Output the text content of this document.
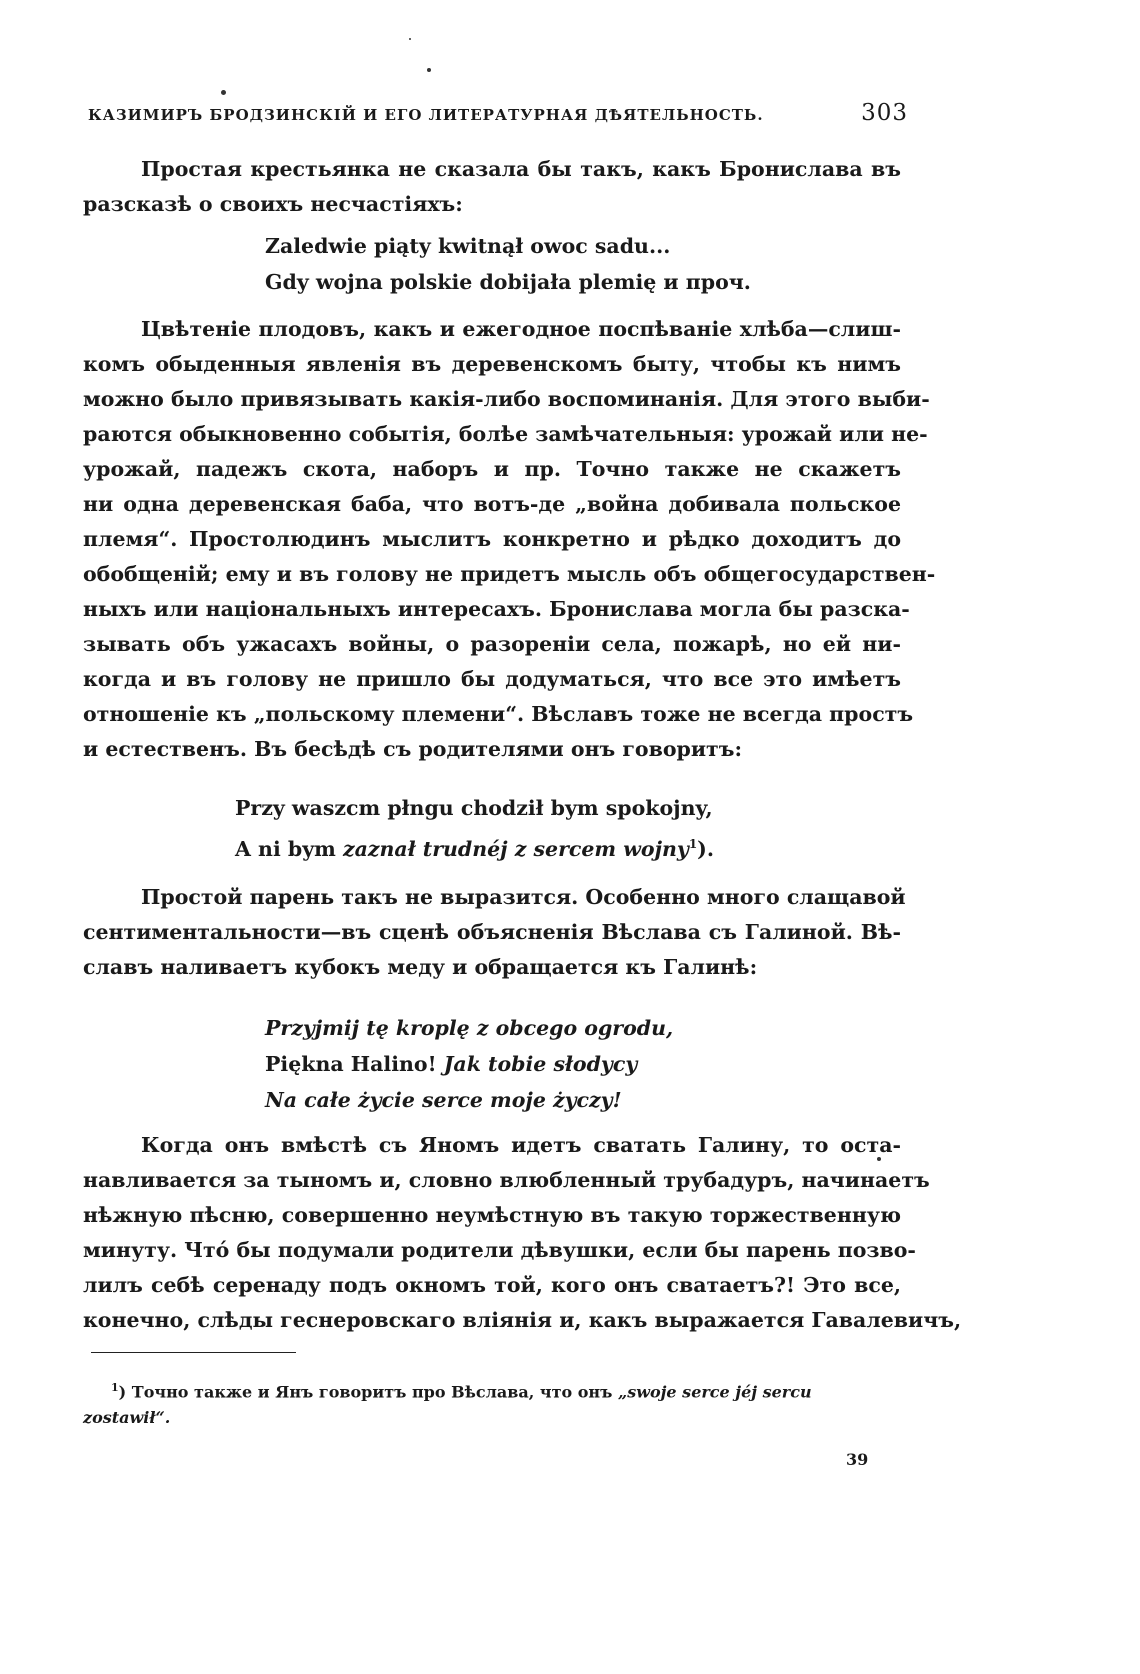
КАЗИМИРЪ БРОДЗИНСКІЙ И ЕГО ЛИТЕРАТУРНАЯ ДѢЯТЕЛЬНОСТЬ.	303
Простая крестьянка не сказала бы такъ, какъ Брониславa въ
разсказѣ о своихъ несчастіяхъ:
Zaledwie piąty kwitnął owoc sadu...
Gdy wojna polskie dobijała plemię и проч.
Цвѣтеніе плодовъ, какъ и ежегодное поспѣваніе хлѣба—слиш-
комъ обыденныя явленія въ деревенскомъ быту, чтобы къ нимъ
можно было привязывать какія-либо воспоминанія. Для этого выби-
раются обыкновенно событія, болѣе замѣчательныя: урожай или не-
урожай, падежъ скота, наборъ и пр. Точно также не скажетъ
ни одна деревенская баба, что вотъ-де „война добивала польское
племя“. Простолюдинъ мыслитъ конкретно и рѣдко доходитъ до
обобщеній; ему и въ голову не придетъ мысль объ общегосударствен-
ныхъ или національныхъ интересахъ. Бронислава могла бы разска-
зывать объ ужасахъ войны, о разореніи села, пожарѣ, но ей ни-
когда и въ голову не пришло бы додуматься, что все это имѣетъ
отношеніе къ „польскому племени“. Вѣславъ тоже не всегда простъ
и естественъ. Въ бесѣдѣ съ родителями онъ говоритъ:
Przy waszcm płngu chodził bym spokojny,
A ni bym zaznał trudnéj z sercem wojny$^1$).
Простой парень такъ не выразится. Особенно много слащавой
сентиментальности—въ сценѣ объясненія Вѣслава съ Галиной. Вѣ-
славъ наливаетъ кубокъ меду и обращается къ Галинѣ:
Przyjmij tę kroplę z obcego ogrodu,
Piękna Halino! Jak tobie słodycy
Na całe życie serce moje życzy!
Когда онъ вмѣстѣ съ Яномъ идетъ сватать Галину, то оста-
навливается за тыномъ и, словно влюбленный трубадуръ, начинаетъ
нѣжную пѣсню, совершенно неумѣстную въ такую торжественную
минуту. Чтó бы подумали родители дѣвушки, если бы парень позво-
лилъ себѣ серенаду подъ окномъ той, кого онъ сватаетъ?! Это все,
конечно, слѣды геснеровскаго вліянія и, какъ выражается Гавалевичъ,
$^1$) Точно также и Янъ говоритъ про Вѣслава, что онъ „swoje serce jéj sercu
zostawił“.
39
